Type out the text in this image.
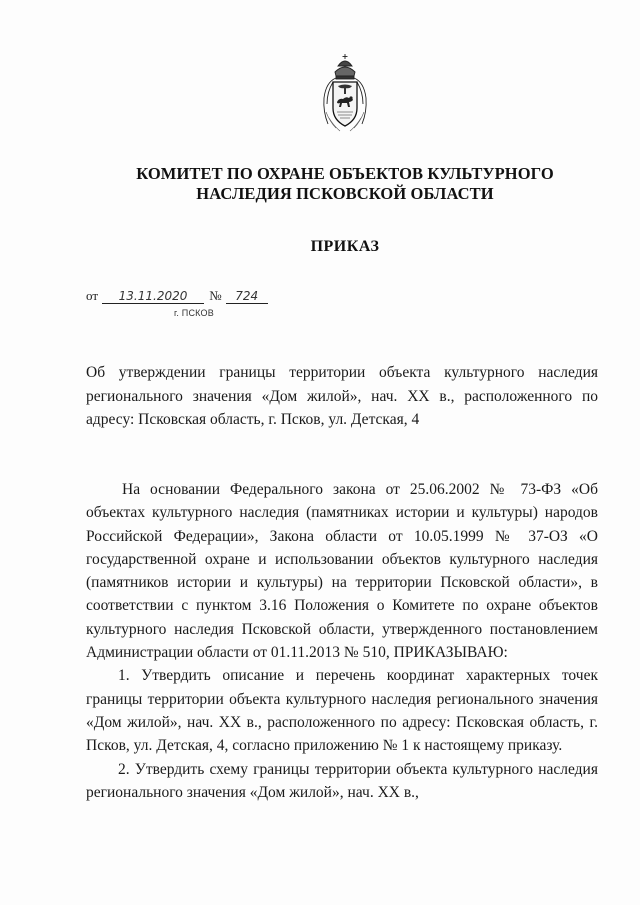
КОМИТЕТ ПО ОХРАНЕ ОБЪЕКТОВ КУЛЬТУРНОГО
НАСЛЕДИЯ ПСКОВСКОЙ ОБЛАСТИ
ПРИКАЗ
от 13.11.2020 № 724
г. ПСКОВ
Об утверждении границы территории объекта культурного наследия регионального значения «Дом жилой», нач. XX в., расположенного по адресу: Псковская область, г. Псков, ул. Детская, 4

На основании Федерального закона от 25.06.2002 № 73-ФЗ «Об объектах культурного наследия (памятниках истории и культуры) народов Российской Федерации», Закона области от 10.05.1999 № 37-ОЗ «О государственной охране и использовании объектов культурного наследия (памятников истории и культуры) на территории Псковской области», в соответствии с пунктом 3.16 Положения о Комитете по охране объектов культурного наследия Псковской области, утвержденного постановлением Администрации области от 01.11.2013 № 510, ПРИКАЗЫВАЮ:

1. Утвердить описание и перечень координат характерных точек границы территории объекта культурного наследия регионального значения «Дом жилой», нач. XX в., расположенного по адресу: Псковская область, г. Псков, ул. Детская, 4, согласно приложению № 1 к настоящему приказу.

2. Утвердить схему границы территории объекта культурного наследия регионального значения «Дом жилой», нач. XX в.,
